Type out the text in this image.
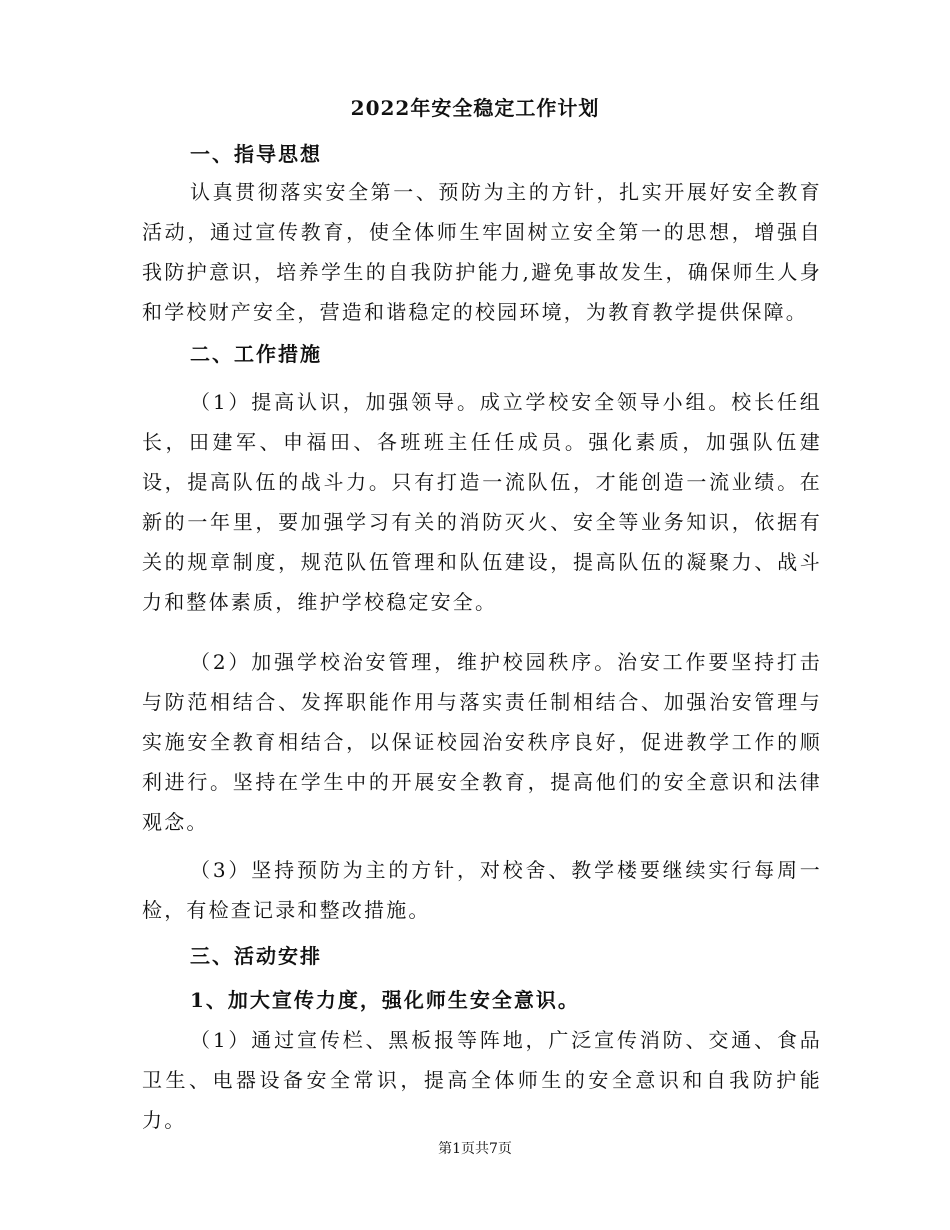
2022年安全稳定工作计划
一、指导思想
认真贯彻落实安全第一、预防为主的方针，扎实开展好安全教育活动，通过宣传教育，使全体师生牢固树立安全第一的思想，增强自我防护意识，培养学生的自我防护能力,避免事故发生，确保师生人身和学校财产安全，营造和谐稳定的校园环境，为教育教学提供保障。
二、工作措施
（1）提高认识，加强领导。成立学校安全领导小组。校长任组长，田建军、申福田、各班班主任任成员。强化素质，加强队伍建设，提高队伍的战斗力。只有打造一流队伍，才能创造一流业绩。在新的一年里，要加强学习有关的消防灭火、安全等业务知识，依据有关的规章制度，规范队伍管理和队伍建设，提高队伍的凝聚力、战斗力和整体素质，维护学校稳定安全。
（2）加强学校治安管理，维护校园秩序。治安工作要坚持打击与防范相结合、发挥职能作用与落实责任制相结合、加强治安管理与实施安全教育相结合，以保证校园治安秩序良好，促进教学工作的顺利进行。坚持在学生中的开展安全教育，提高他们的安全意识和法律观念。
（3）坚持预防为主的方针，对校舍、教学楼要继续实行每周一检，有检查记录和整改措施。
三、活动安排
1、加大宣传力度，强化师生安全意识。
（1）通过宣传栏、黑板报等阵地，广泛宣传消防、交通、食品卫生、电器设备安全常识，提高全体师生的安全意识和自我防护能力。
第1页共7页
